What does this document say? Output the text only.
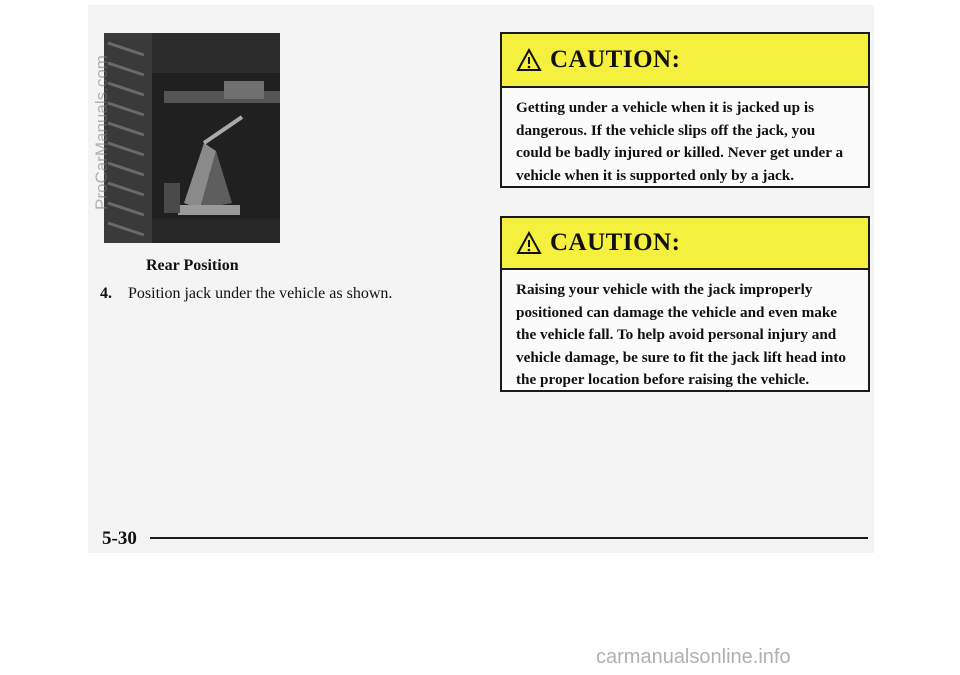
Rear Position
4. Position jack under the vehicle as shown.
CAUTION:
Getting under a vehicle when it is jacked up is dangerous. If the vehicle slips off the jack, you could be badly injured or killed. Never get under a vehicle when it is supported only by a jack.
CAUTION:
Raising your vehicle with the jack improperly positioned can damage the vehicle and even make the vehicle fall. To help avoid personal injury and vehicle damage, be sure to fit the jack lift head into the proper location before raising the vehicle.
ProCarManuals.com
5-30
carmanualsonline.info
